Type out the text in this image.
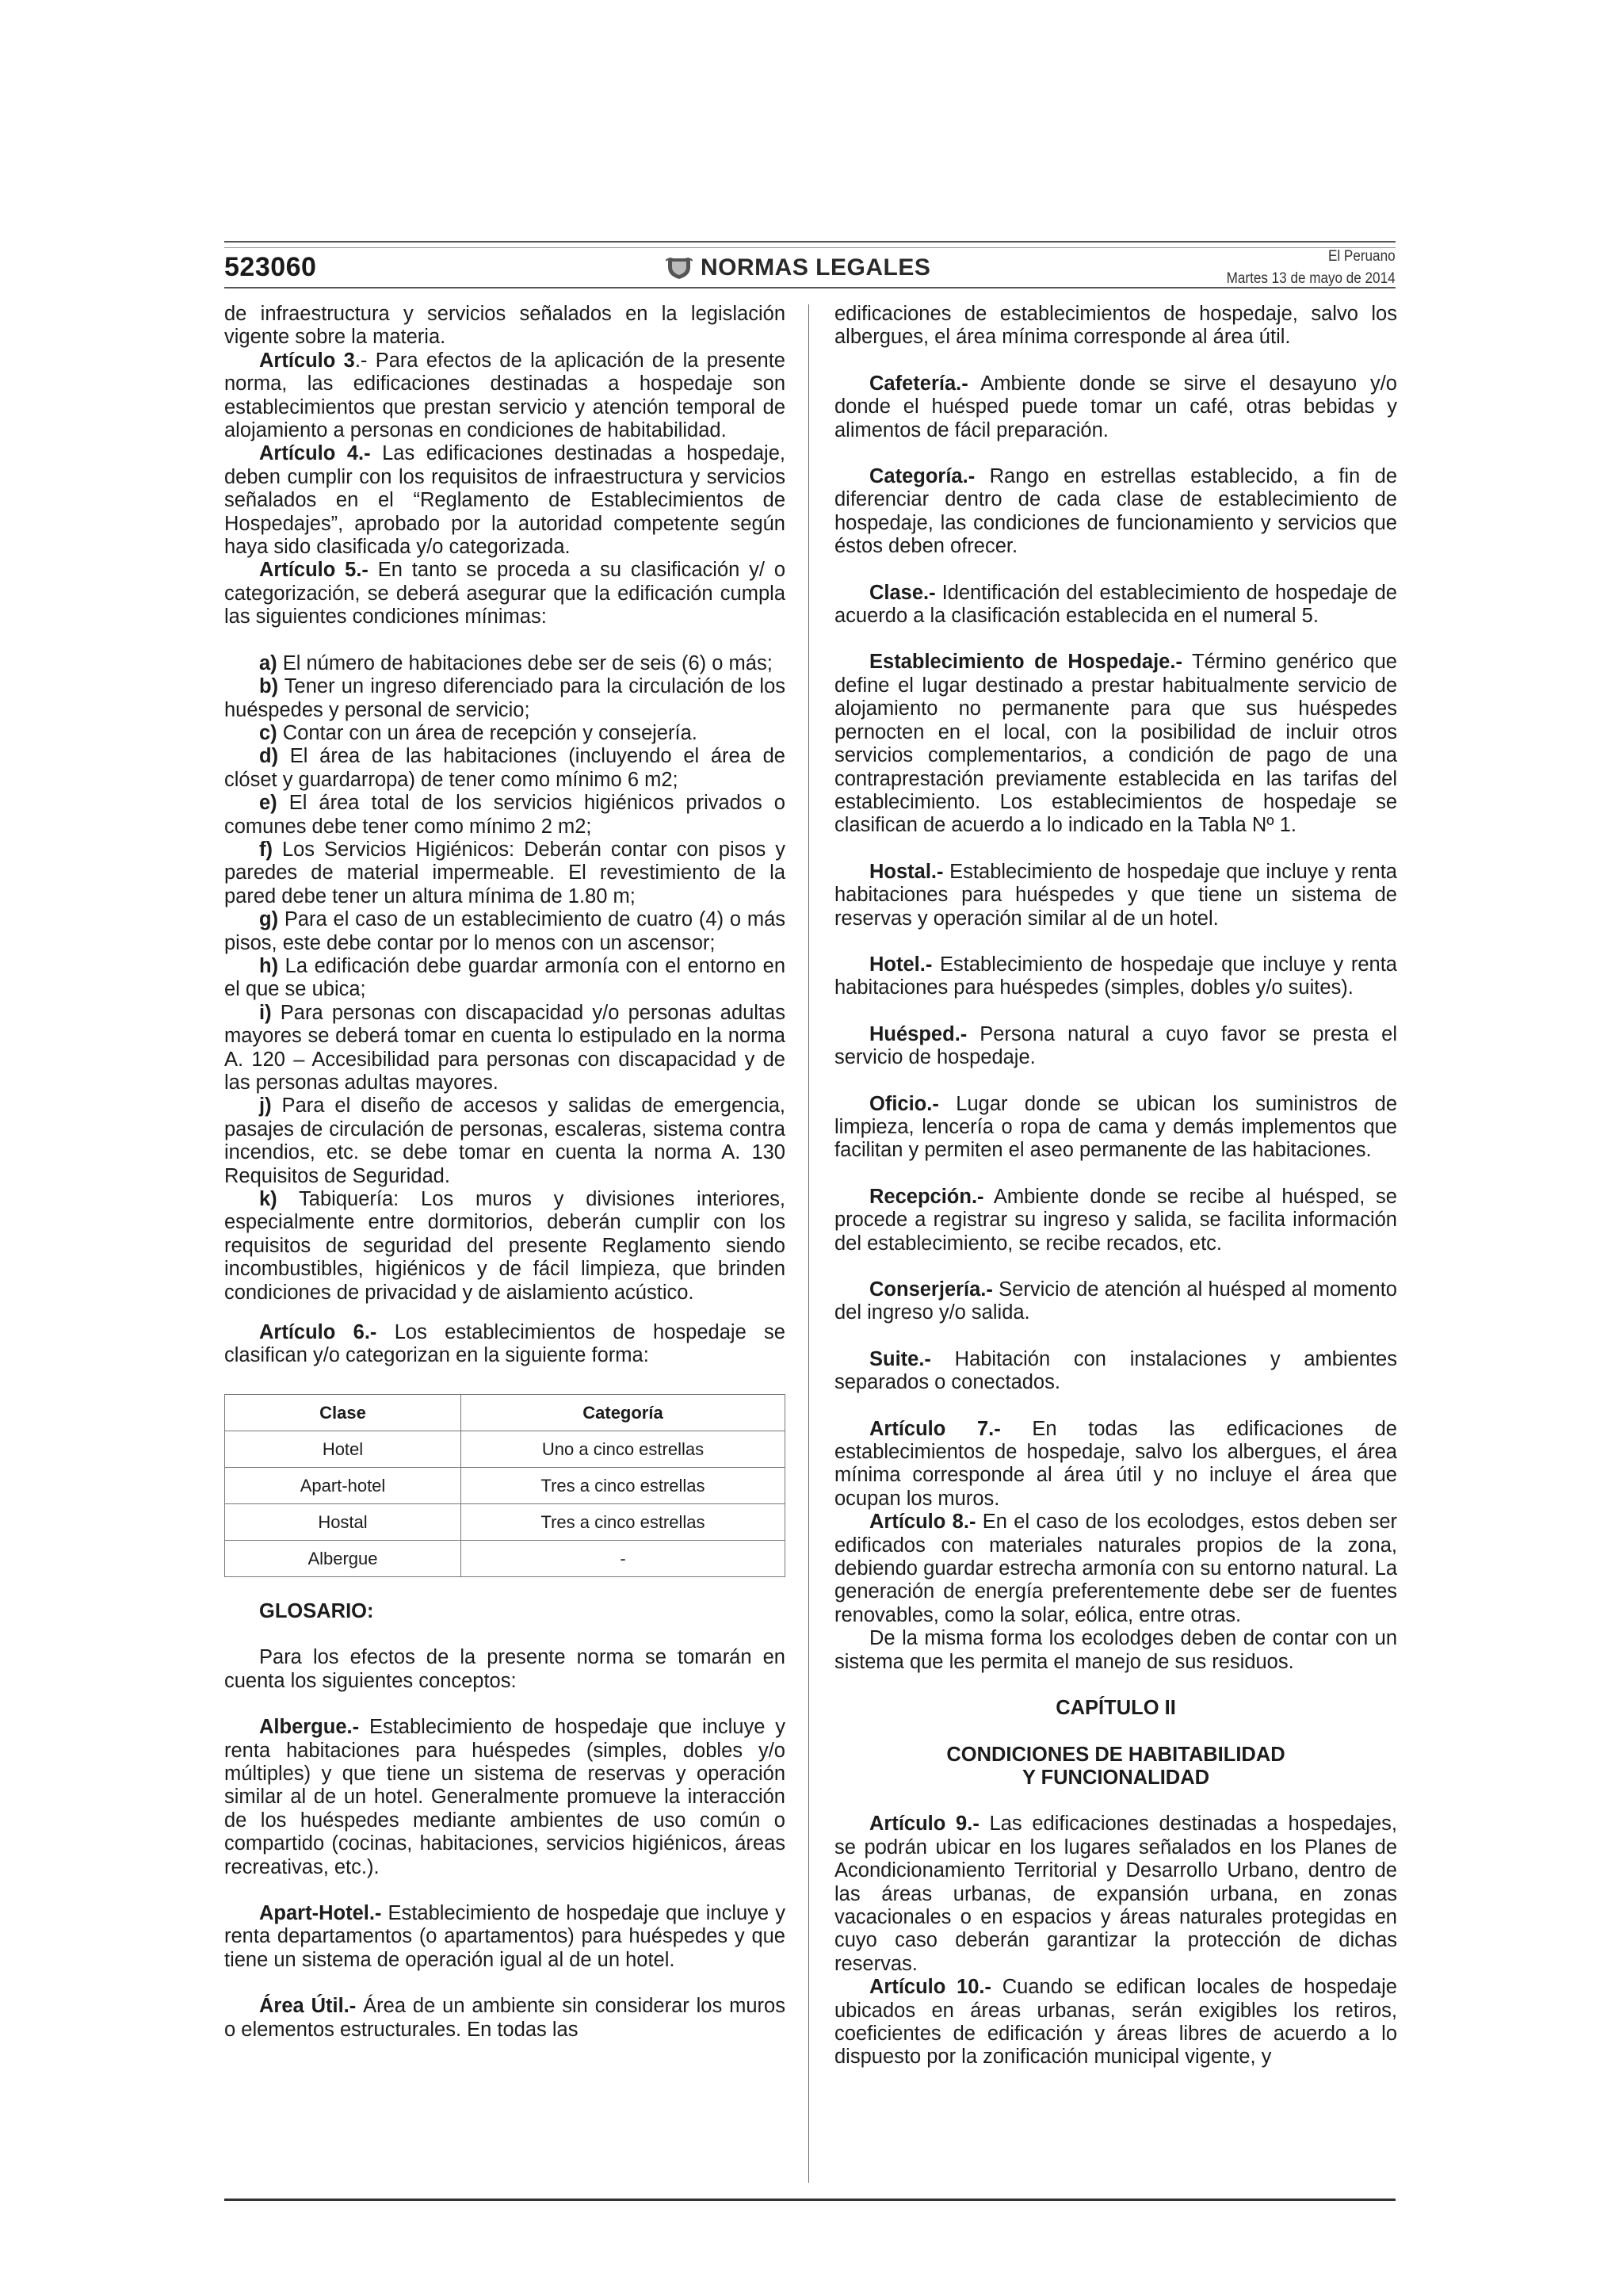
523060	NORMAS LEGALES	El Peruano
Martes 13 de mayo de 2014

de infraestructura y servicios señalados en la legislación vigente sobre la materia.

Artículo 3.- Para efectos de la aplicación de la presente norma, las edificaciones destinadas a hospedaje son establecimientos que prestan servicio y atención temporal de alojamiento a personas en condiciones de habitabilidad.

Artículo 4.- Las edificaciones destinadas a hospedaje, deben cumplir con los requisitos de infraestructura y servicios señalados en el “Reglamento de Establecimientos de Hospedajes”, aprobado por la autoridad competente según haya sido clasificada y/o categorizada.

Artículo 5.- En tanto se proceda a su clasificación y/ o categorización, se deberá asegurar que la edificación cumpla las siguientes condiciones mínimas:

a) El número de habitaciones debe ser de seis (6) o más;

b) Tener un ingreso diferenciado para la circulación de los huéspedes y personal de servicio;

c) Contar con un área de recepción y consejería.

d) El área de las habitaciones (incluyendo el área de clóset y guardarropa) de tener como mínimo 6 m2;

e) El área total de los servicios higiénicos privados o comunes debe tener como mínimo 2 m2;

f) Los Servicios Higiénicos: Deberán contar con pisos y paredes de material impermeable. El revestimiento de la pared debe tener un altura mínima de 1.80 m;

g) Para el caso de un establecimiento de cuatro (4) o más pisos, este debe contar por lo menos con un ascensor;

h) La edificación debe guardar armonía con el entorno en el que se ubica;

i) Para personas con discapacidad y/o personas adultas mayores se deberá tomar en cuenta lo estipulado en la norma A. 120 – Accesibilidad para personas con discapacidad y de las personas adultas mayores.

j) Para el diseño de accesos y salidas de emergencia, pasajes de circulación de personas, escaleras, sistema contra incendios, etc. se debe tomar en cuenta la norma A. 130 Requisitos de Seguridad.

k) Tabiquería: Los muros y divisiones interiores, especialmente entre dormitorios, deberán cumplir con los requisitos de seguridad del presente Reglamento siendo incombustibles, higiénicos y de fácil limpieza, que brinden condiciones de privacidad y de aislamiento acústico.

Artículo 6.- Los establecimientos de hospedaje se clasifican y/o categorizan en la siguiente forma:

Clase	Categoría
Hotel	Uno a cinco estrellas
Apart-hotel	Tres a cinco estrellas
Hostal	Tres a cinco estrellas
Albergue	-

GLOSARIO:

Para los efectos de la presente norma se tomarán en cuenta los siguientes conceptos:

Albergue.- Establecimiento de hospedaje que incluye y renta habitaciones para huéspedes (simples, dobles y/o múltiples) y que tiene un sistema de reservas y operación similar al de un hotel. Generalmente promueve la interacción de los huéspedes mediante ambientes de uso común o compartido (cocinas, habitaciones, servicios higiénicos, áreas recreativas, etc.).

Apart-Hotel.- Establecimiento de hospedaje que incluye y renta departamentos (o apartamentos) para huéspedes y que tiene un sistema de operación igual al de un hotel.

Área Útil.- Área de un ambiente sin considerar los muros o elementos estructurales. En todas las

edificaciones de establecimientos de hospedaje, salvo los albergues, el área mínima corresponde al área útil.

Cafetería.- Ambiente donde se sirve el desayuno y/o donde el huésped puede tomar un café, otras bebidas y alimentos de fácil preparación.

Categoría.- Rango en estrellas establecido, a fin de diferenciar dentro de cada clase de establecimiento de hospedaje, las condiciones de funcionamiento y servicios que éstos deben ofrecer.

Clase.- Identificación del establecimiento de hospedaje de acuerdo a la clasificación establecida en el numeral 5.

Establecimiento de Hospedaje.- Término genérico que define el lugar destinado a prestar habitualmente servicio de alojamiento no permanente para que sus huéspedes pernocten en el local, con la posibilidad de incluir otros servicios complementarios, a condición de pago de una contraprestación previamente establecida en las tarifas del establecimiento. Los establecimientos de hospedaje se clasifican de acuerdo a lo indicado en la Tabla Nº 1.

Hostal.- Establecimiento de hospedaje que incluye y renta habitaciones para huéspedes y que tiene un sistema de reservas y operación similar al de un hotel.

Hotel.- Establecimiento de hospedaje que incluye y renta habitaciones para huéspedes (simples, dobles y/o suites).

Huésped.- Persona natural a cuyo favor se presta el servicio de hospedaje.

Oficio.- Lugar donde se ubican los suministros de limpieza, lencería o ropa de cama y demás implementos que facilitan y permiten el aseo permanente de las habitaciones.

Recepción.- Ambiente donde se recibe al huésped, se procede a registrar su ingreso y salida, se facilita información del establecimiento, se recibe recados, etc.

Conserjería.- Servicio de atención al huésped al momento del ingreso y/o salida.

Suite.- Habitación con instalaciones y ambientes separados o conectados.

Artículo 7.- En todas las edificaciones de establecimientos de hospedaje, salvo los albergues, el área mínima corresponde al área útil y no incluye el área que ocupan los muros.

Artículo 8.- En el caso de los ecolodges, estos deben ser edificados con materiales naturales propios de la zona, debiendo guardar estrecha armonía con su entorno natural. La generación de energía preferentemente debe ser de fuentes renovables, como la solar, eólica, entre otras.

De la misma forma los ecolodges deben de contar con un sistema que les permita el manejo de sus residuos.

CAPÍTULO II

CONDICIONES DE HABITABILIDAD

Y FUNCIONALIDAD

Artículo 9.- Las edificaciones destinadas a hospedajes, se podrán ubicar en los lugares señalados en los Planes de Acondicionamiento Territorial y Desarrollo Urbano, dentro de las áreas urbanas, de expansión urbana, en zonas vacacionales o en espacios y áreas naturales protegidas en cuyo caso deberán garantizar la protección de dichas reservas.

Artículo 10.- Cuando se edifican locales de hospedaje ubicados en áreas urbanas, serán exigibles los retiros, coeficientes de edificación y áreas libres de acuerdo a lo dispuesto por la zonificación municipal vigente, y
